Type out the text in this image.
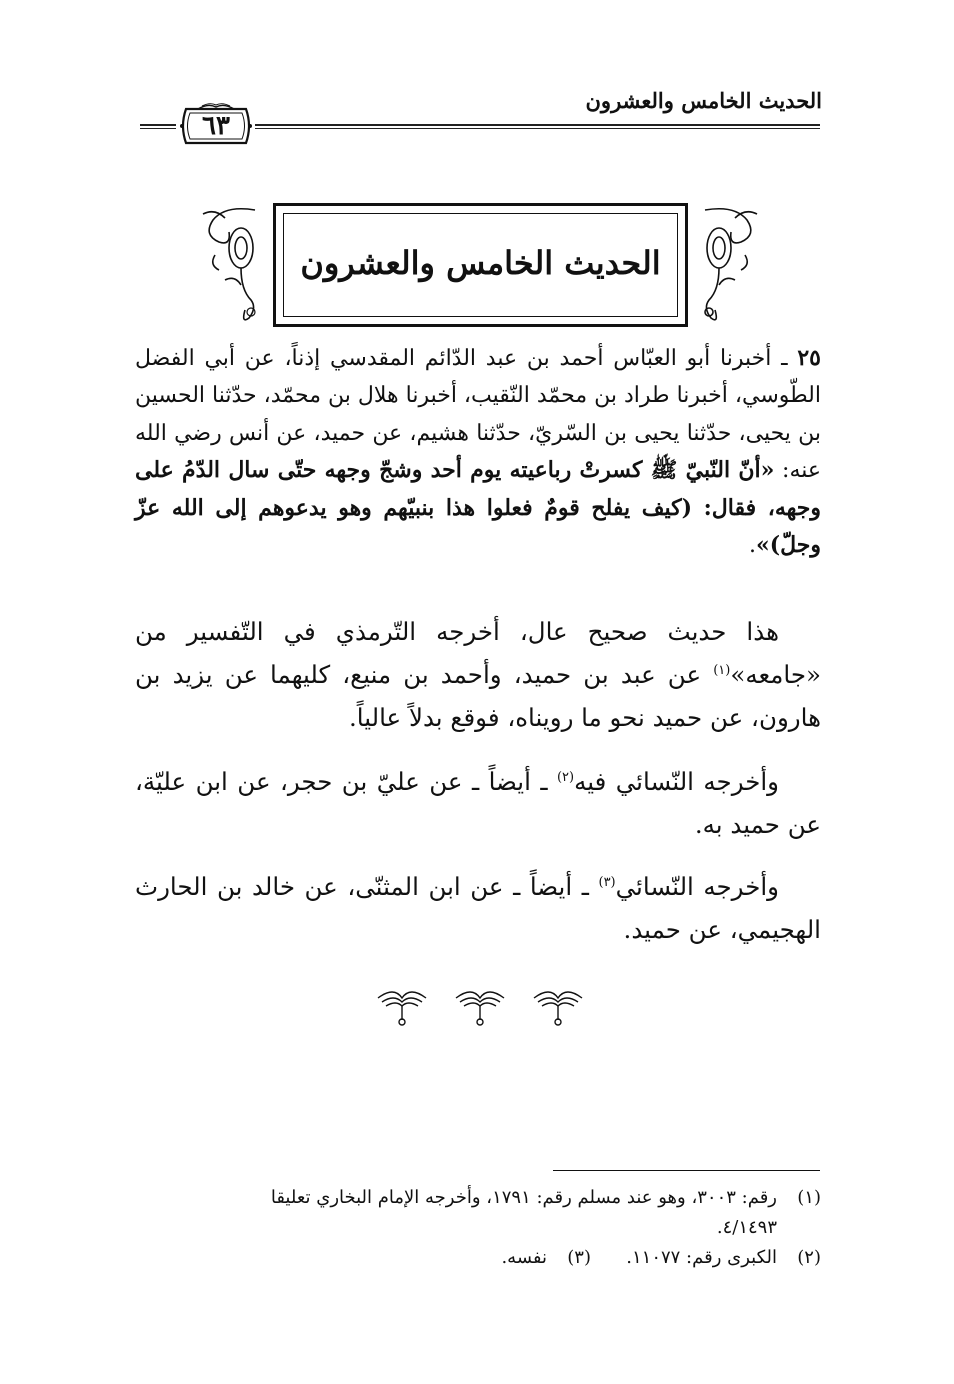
الحديث الخامس والعشرون
٦٣
الحديث الخامس والعشرون
٢٥ ـ أخبرنا أبو العبّاس أحمد بن عبد الدّائم المقدسي إذناً، عن أبي الفضل الطّوسي، أخبرنا طراد بن محمّد النّقيب، أخبرنا هلال بن محمّد، حدّثنا الحسين بن يحيى، حدّثنا يحيى بن السّريّ، حدّثنا هشيم، عن حميد، عن أنس رضي الله عنه: «أنّ النّبيّ ﷺ كسرتْ رباعيته يوم أحد وشجّ وجهه حتّى سال الدّمُ على وجهه، فقال: (كيف يفلح قومٌ فعلوا هذا بنبيّهم وهو يدعوهم إلى الله عزّ وجلّ)».
هذا حديث صحيح عال، أخرجه التّرمذي في التّفسير من «جامعه»$^{(١)}$ عن عبد بن حميد، وأحمد بن منيع، كليهما عن يزيد بن هارون، عن حميد نحو ما رويناه، فوقع بدلاً عالياً.
وأخرجه النّسائي فيه$^{(٢)}$ ـ أيضاً ـ عن عليّ بن حجر، عن ابن عليّة، عن حميد به.
وأخرجه النّسائي$^{(٣)}$ ـ أيضاً ـ عن ابن المثنّى، عن خالد بن الحارث الهجيمي، عن حميد.
(١)رقم: ٣٠٠٣، وهو عند مسلم رقم: ١٧٩١، وأخرجه الإمام البخاري تعليقا
٤/١٤٩٣.
(٢)الكبرى رقم: ١١٠٧٧.
(٣)نفسه.
